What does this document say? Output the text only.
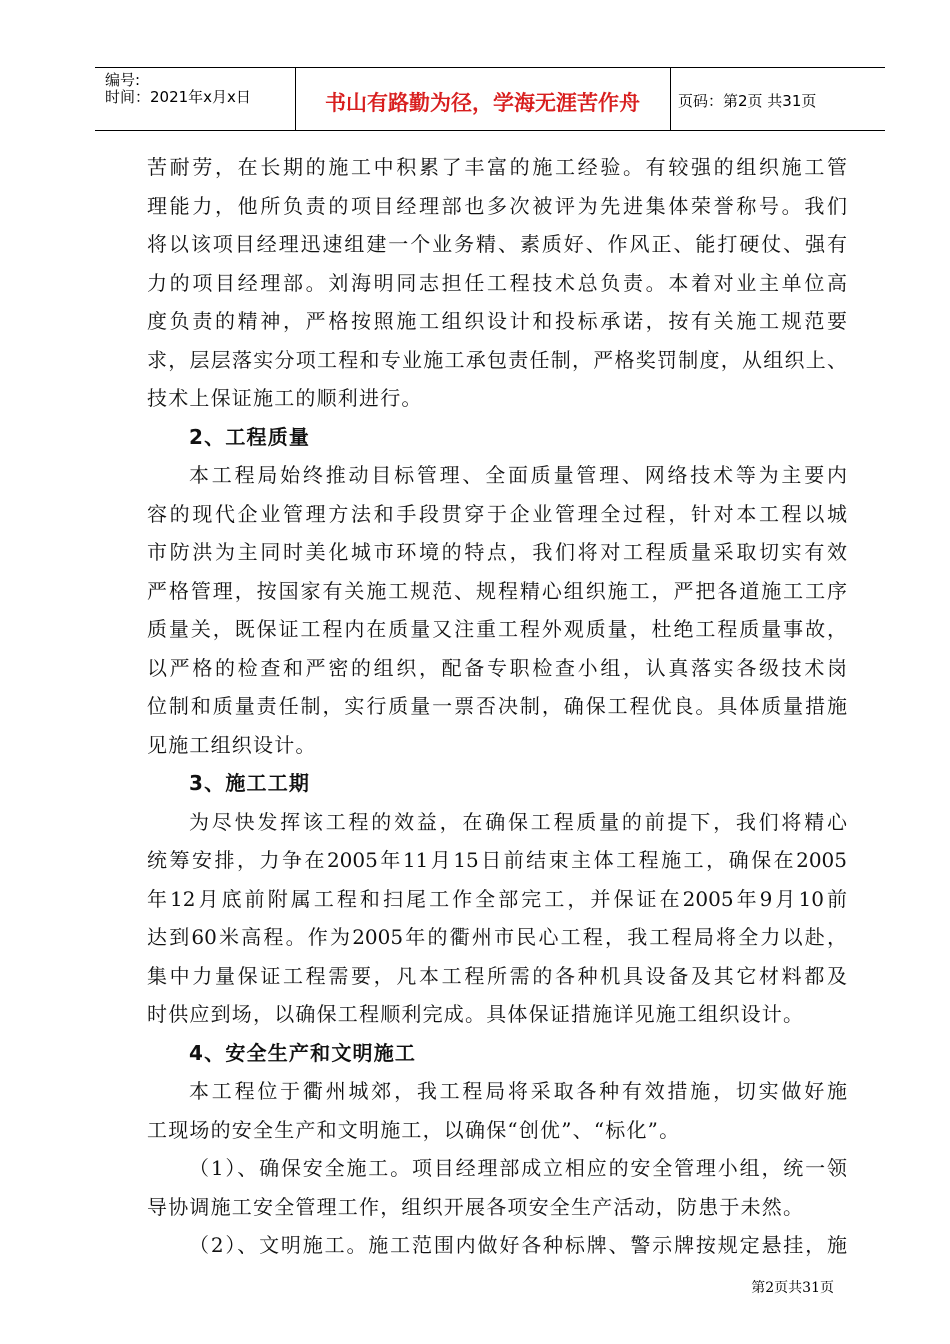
编号:
时间：2021年x月x日	书山有路勤为径，学海无涯苦作舟	页码：第2页 共31页
苦耐劳，在长期的施工中积累了丰富的施工经验。有较强的组织施工管
理能力，他所负责的项目经理部也多次被评为先进集体荣誉称号。我们
将以该项目经理迅速组建一个业务精、素质好、作风正、能打硬仗、强有
力的项目经理部。刘海明同志担任工程技术总负责。本着对业主单位高
度负责的精神，严格按照施工组织设计和投标承诺，按有关施工规范要
求，层层落实分项工程和专业施工承包责任制，严格奖罚制度，从组织上、
技术上保证施工的顺利进行。
2、工程质量
本工程局始终推动目标管理、全面质量管理、网络技术等为主要内
容的现代企业管理方法和手段贯穿于企业管理全过程，针对本工程以城
市防洪为主同时美化城市环境的特点，我们将对工程质量采取切实有效
严格管理，按国家有关施工规范、规程精心组织施工，严把各道施工工序
质量关，既保证工程内在质量又注重工程外观质量，杜绝工程质量事故，
以严格的检查和严密的组织，配备专职检查小组，认真落实各级技术岗
位制和质量责任制，实行质量一票否决制，确保工程优良。具体质量措施
见施工组织设计。
3、施工工期
为尽快发挥该工程的效益，在确保工程质量的前提下，我们将精心
统筹安排，力争在2005年11月15日前结束主体工程施工，确保在2005
年12月底前附属工程和扫尾工作全部完工，并保证在2005年9月10前
达到60米高程。作为2005年的衢州市民心工程，我工程局将全力以赴，
集中力量保证工程需要，凡本工程所需的各种机具设备及其它材料都及
时供应到场，以确保工程顺利完成。具体保证措施详见施工组织设计。
4、安全生产和文明施工
本工程位于衢州城郊，我工程局将采取各种有效措施，切实做好施
工现场的安全生产和文明施工，以确保“创优”、“标化”。
（1）、确保安全施工。项目经理部成立相应的安全管理小组，统一领
导协调施工安全管理工作，组织开展各项安全生产活动，防患于未然。
（2）、文明施工。施工范围内做好各种标牌、警示牌按规定悬挂，施
第2页共31页
